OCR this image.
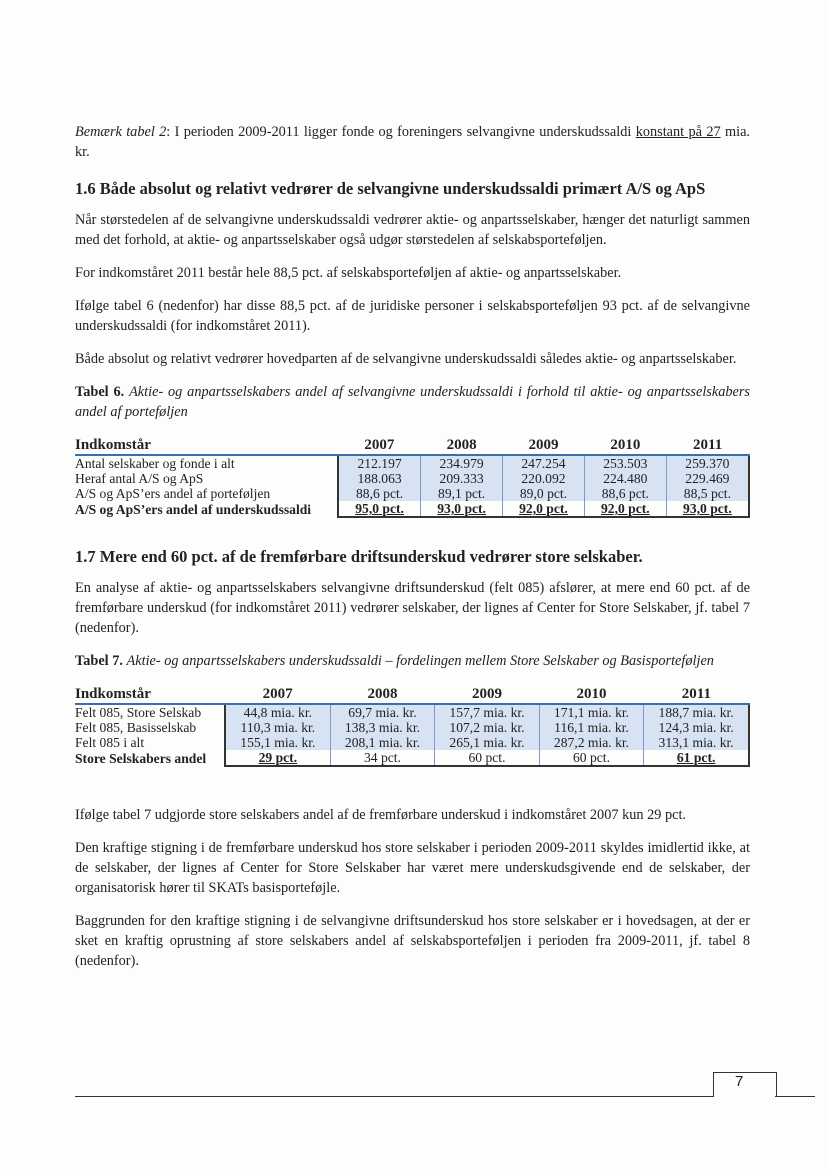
Bemærk tabel 2: I perioden 2009-2011 ligger fonde og foreningers selvangivne underskudssaldi konstant på 27 mia. kr.

1.6 Både absolut og relativt vedrører de selvangivne underskudssaldi primært A/S og ApS

Når størstedelen af de selvangivne underskudssaldi vedrører aktie- og anpartsselskaber, hænger det naturligt sammen med det forhold, at aktie- og anpartsselskaber også udgør størstedelen af selskabsporteføljen.

For indkomståret 2011 består hele 88,5 pct. af selskabsporteføljen af aktie- og anpartsselskaber.

Ifølge tabel 6 (nedenfor) har disse 88,5 pct. af de juridiske personer i selskabsporteføljen 93 pct. af de selvangivne underskudssaldi (for indkomståret 2011).

Både absolut og relativt vedrører hovedparten af de selvangivne underskudssaldi således aktie- og anpartsselskaber.

Tabel 6. Aktie- og anpartsselskabers andel af selvangivne underskudssaldi i forhold til aktie- og anpartsselskabers andel af porteføljen

Indkomstår	2007	2008	2009	2010	2011
Antal selskaber og fonde i alt	212.197	234.979	247.254	253.503	259.370
Heraf antal A/S og ApS	188.063	209.333	220.092	224.480	229.469
A/S og ApS’ers andel af porteføljen	88,6 pct.	89,1 pct.	89,0 pct.	88,6 pct.	88,5 pct.
A/S og ApS’ers andel af underskudssaldi	95,0 pct.	93,0 pct.	92,0 pct.	92,0 pct.	93,0 pct.
1.7 Mere end 60 pct. af de fremførbare driftsunderskud vedrører store selskaber.

En analyse af aktie- og anpartsselskabers selvangivne driftsunderskud (felt 085) afslører, at mere end 60 pct. af de fremførbare underskud (for indkomståret 2011) vedrører selskaber, der lignes af Center for Store Selskaber, jf. tabel 7 (nedenfor).

Tabel 7. Aktie- og anpartsselskabers underskudssaldi – fordelingen mellem Store Selskaber og Basisporteføljen

Indkomstår	2007	2008	2009	2010	2011
Felt 085, Store Selskab	44,8 mia. kr.	69,7 mia. kr.	157,7 mia. kr.	171,1 mia. kr.	188,7 mia. kr.
Felt 085, Basisselskab	110,3 mia. kr.	138,3 mia. kr.	107,2 mia. kr.	116,1 mia. kr.	124,3 mia. kr.
Felt 085 i alt	155,1 mia. kr.	208,1 mia. kr.	265,1 mia. kr.	287,2 mia. kr.	313,1 mia. kr.
Store Selskabers andel	29 pct.	34 pct.	60 pct.	60 pct.	61 pct.

Ifølge tabel 7 udgjorde store selskabers andel af de fremførbare underskud i indkomståret 2007 kun 29 pct.

Den kraftige stigning i de fremførbare underskud hos store selskaber i perioden 2009-2011 skyldes imidlertid ikke, at de selskaber, der lignes af Center for Store Selskaber har været mere underskudsgivende end de selskaber, der organisatorisk hører til SKATs basisporteføjle.

Baggrunden for den kraftige stigning i de selvangivne driftsunderskud hos store selskaber er i hovedsagen, at der er sket en kraftig oprustning af store selskabers andel af selskabsporteføljen i perioden fra 2009-2011, jf. tabel 8 (nedenfor).

7
